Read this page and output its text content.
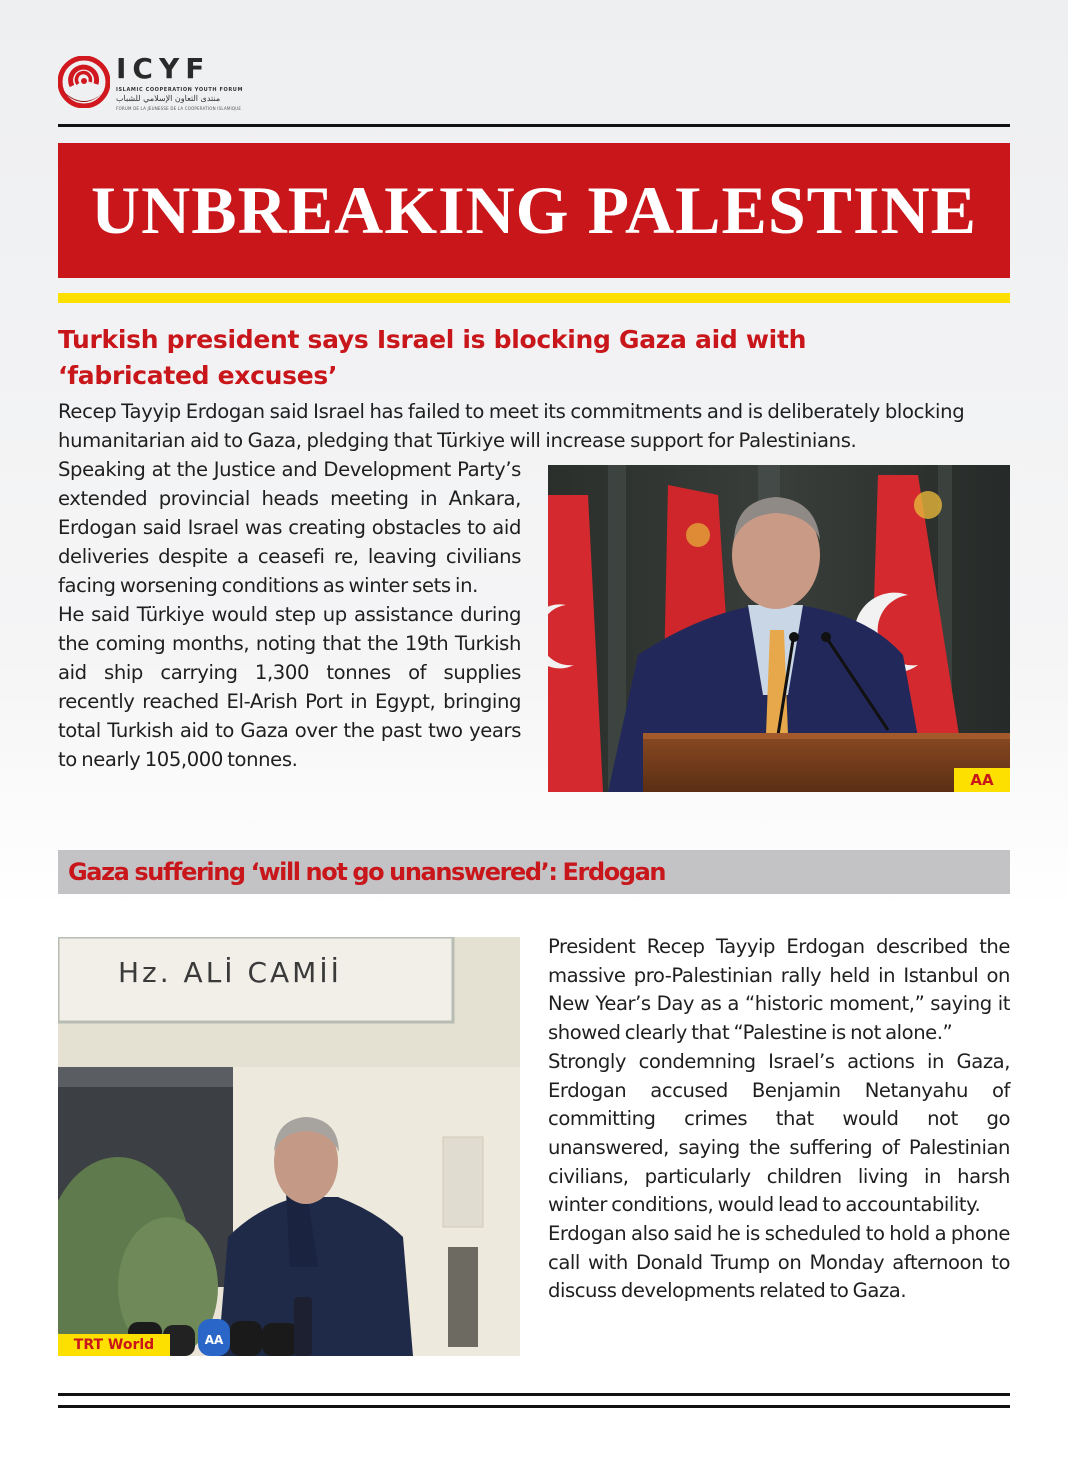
ICYF
ISLAMIC COOPERATION YOUTH FORUM
منتدى التعاون الإسلامي للشباب
FORUM DE LA JEUNESSE DE LA COOPERATION ISLAMIQUE
UNBREAKING PALESTINE
Turkish president says Israel is blocking Gaza aid with ‘fabricated excuses’
Recep Tayyip Erdogan said Israel has failed to meet its commitments and is deliberately blocking humanitarian aid to Gaza, pledging that Türkiye will increase support for Palestinians.

Speaking at the Justice and Development Party’s extended provincial heads meeting in Ankara, Erdogan said Israel was creating obstacles to aid deliveries despite a ceasefi re, leaving civilians facing worsening conditions as winter sets in.

He said Türkiye would step up assistance during the coming months, noting that the 19th Turkish aid ship carrying 1,300 tonnes of supplies recently reached El-Arish Port in Egypt, bringing total Turkish aid to Gaza over the past two years to nearly 105,000 tonnes.

AA
Gaza suffering ‘will not go unanswered’: Erdogan
Hz. ALİ CAMİİ
AA
TRT World

President Recep Tayyip Erdogan described the massive pro-Palestinian rally held in Istanbul on New Year’s Day as a “historic moment,” saying it showed clearly that “Palestine is not alone.”

Strongly condemning Israel’s actions in Gaza, Erdogan accused Benjamin Netanyahu of committing crimes that would not go unanswered, saying the suffering of Palestinian civilians, particularly children living in harsh winter conditions, would lead to accountability.

Erdogan also said he is scheduled to hold a phone call with Donald Trump on Monday afternoon to discuss developments related to Gaza.
